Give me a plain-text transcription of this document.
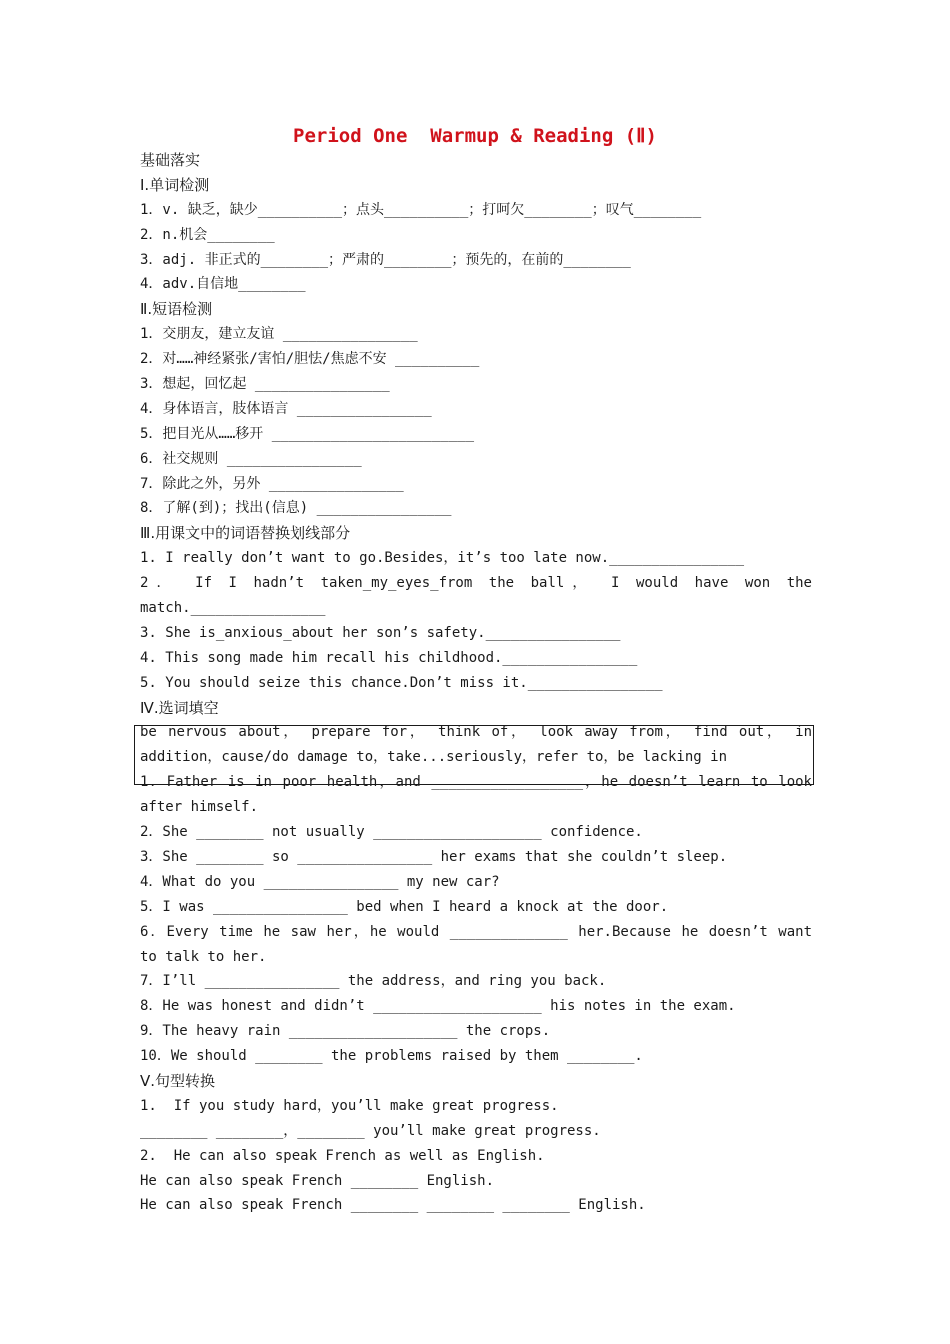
Period One  Warmup & Reading (Ⅱ)
基础落实
Ⅰ.单词检测
1．v. 缺乏，缺少__________；点头__________；打呵欠________；叹气________
2．n.机会________
3．adj. 非正式的________；严肃的________；预先的，在前的________
4．adv.自信地________
Ⅱ.短语检测
1．交朋友，建立友谊 ________________
2．对……神经紧张/害怕/胆怯/焦虑不安 __________
3．想起，回忆起 ________________
4．身体语言，肢体语言 ________________
5．把目光从……移开 ________________________
6．社交规则 ________________
7．除此之外，另外 ________________
8．了解(到)；找出(信息) ________________
Ⅲ.用课文中的词语替换划线部分
1. I really don’t want to go.Besides，it’s too late now.________________
2． If I hadn’t taken_my_eyes_from the ball， I would have won the
match.________________
3. She is_anxious_about her son’s safety.________________
4. This song made him recall his childhood.________________
5. You should seize this chance.Don’t miss it.________________
Ⅳ.选词填空
be nervous about， prepare for， think of， look away from， find out， in
addition，cause/do damage to，take...seriously，refer to，be lacking in
1．Father is in poor health，and __________________，he doesn’t learn to look
after himself.
2．She ________ not usually ____________________ confidence.
3．She ________ so ________________ her exams that she couldn’t sleep.
4．What do you ________________ my new car?
5．I was ________________ bed when I heard a knock at the door.
6．Every time he saw her，he would ______________ her.Because he doesn’t want
to talk to her.
7．I’ll ________________ the address，and ring you back.
8．He was honest and didn’t ____________________ his notes in the exam.
9．The heavy rain ____________________ the crops.
10．We should ________ the problems raised by them ________.
Ⅴ.句型转换
1.  If you study hard，you’ll make great progress.
________ ________，________ you’ll make great progress.
2.  He can also speak French as well as English.
He can also speak French ________ English.
He can also speak French ________ ________ ________ English.
